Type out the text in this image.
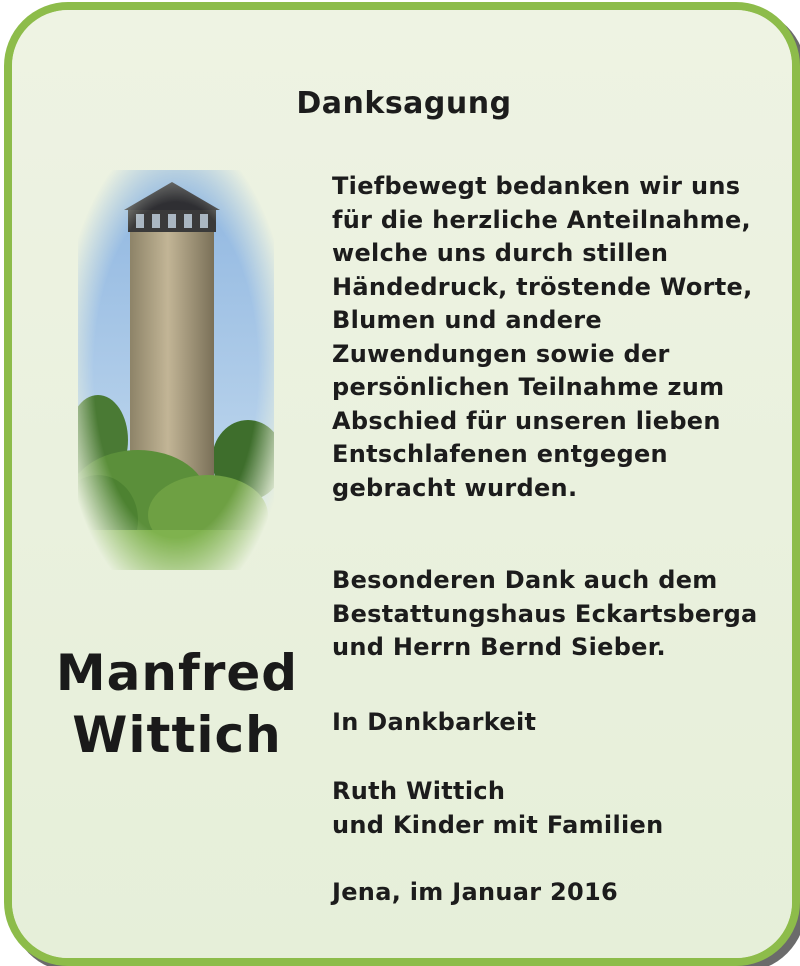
Danksagung

Tiefbewegt bedanken wir uns
für die herzliche Anteilnahme,
welche uns durch stillen
Händedruck, tröstende Worte,
Blumen und andere
Zuwendungen sowie der
persönlichen Teilnahme zum
Abschied für unseren lieben
Entschlafenen entgegen
gebracht wurden.

Besonderen Dank auch dem
Bestattungshaus Eckartsberga
und Herrn Bernd Sieber.

In Dankbarkeit

Ruth Wittich
und Kinder mit Familien

Jena, im Januar 2016

Manfred
Wittich
